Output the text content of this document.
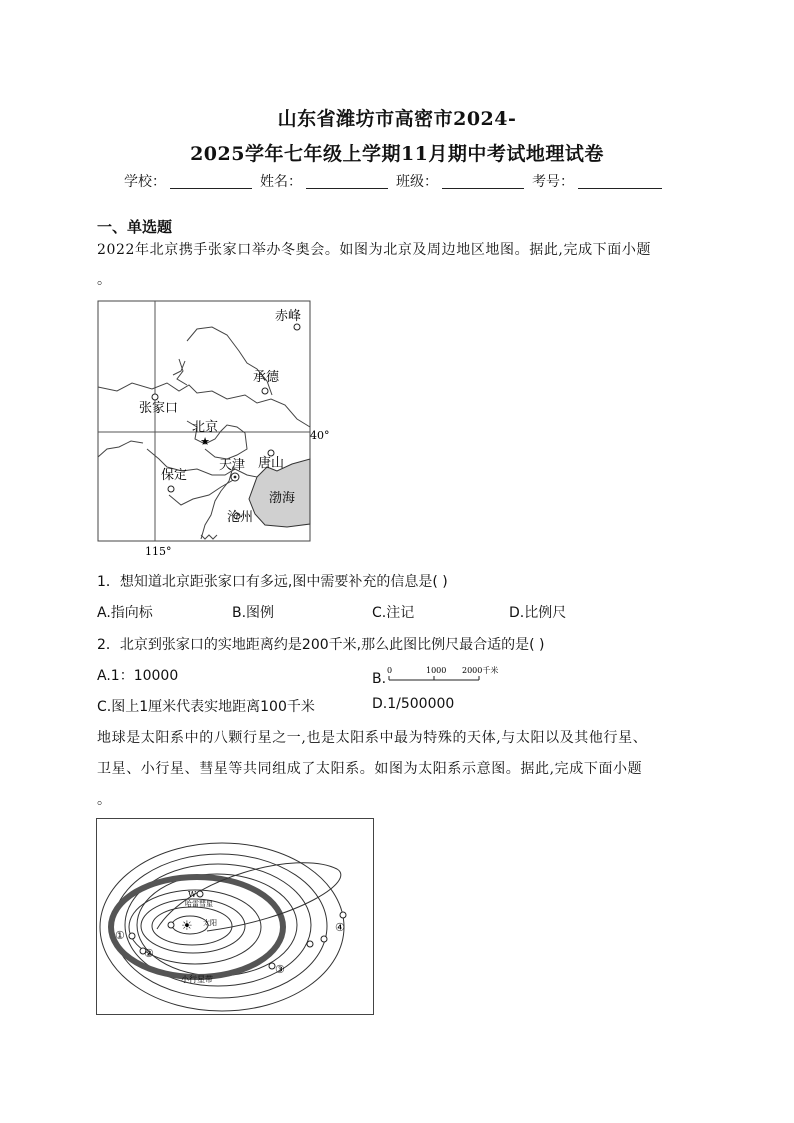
山东省潍坊市高密市2024-
2025学年七年级上学期11月期中考试地理试卷
学校：	姓名：	班级：	考号：
一、单选题
2022年北京携手张家口举办冬奥会。如图为北京及周边地区地图。据此,完成下面小题
。
★
赤峰
承德
张家口
北京
40°
保定
天津 唐山
渤海
沧州
115°
1．想知道北京距张家口有多远,图中需要补充的信息是( )
A.指向标	B.图例	C.注记	D.比例尺
2．北京到张家口的实地距离约是200千米,那么此图比例尺最合适的是( )
A.1：10000	B.
0	1000 2000千米
C.图上1厘米代表实地距离100千米	D.1/500000
地球是太阳系中的八颗行星之一,也是太阳系中最为特殊的天体,与太阳以及其他行星、
卫星、小行星、彗星等共同组成了太阳系。如图为太阳系示意图。据此,完成下面小题
。
☀
W
哈雷彗星
太阳
①
②
③
④
小行星带
